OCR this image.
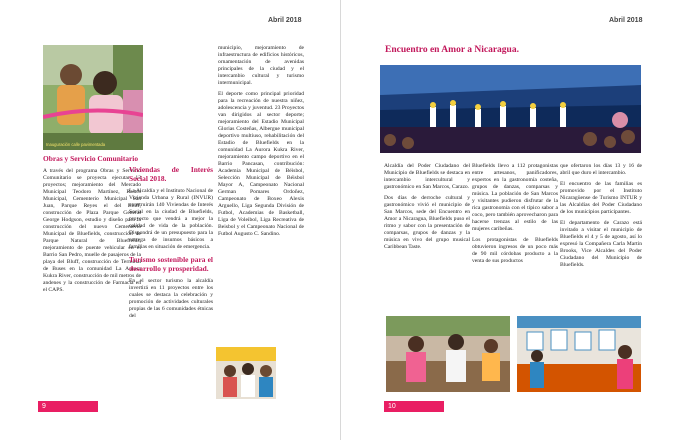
Abril 2018
Inauguración calle pavimentada
Obras y Servicio Comunitario

A través del programa Obras y Servicio Comunitario se proyecta ejecutar 13 proyectos; mejoramiento del Mercado Municipal Teodoro Martínez, Rastro Municipal, Cementerio Municipal San Juan, Parque Reyes el del Bluff, construcción de Plaza Parque General George Hodgson, estudio y diseño para la construcción del nuevo Cementerio Municipal de Bluefields, construcción de Parque Natural de Bluefields, mejoramiento de puente vehicular en el Barrio San Pedro, muelle de pasajeros de la playa del Bluff, construcción de Terminal de Buses en la comunidad La Aurora Kukra River, construcción de mil metros de andenes y la construcción de Farmacia en el CAPS.

Viviendas de Interés Social 2018.

La Alcaldía y el Instituto Nacional de Vivienda Urbana y Rural (INVUR) construirán 140 Viviendas de Interés Social en la ciudad de Bluefields, proyecto que vendrá a mejor la calidad de vida de la población. Dispondrá de un presupuesto para la entrega de insumos básicos a familias en situación de emergencia.

Turismo sostenible para el desarrollo y prosperidad.

En el sector turismo la alcaldía invertirá en 11 proyectos entre los cuales se destaca la celebración y promoción de actividades culturales propias de las 6 comunidades étnicas del

municipio, mejoramiento de infraestructura de edificios históricos, ornamentación de avenidas principales de la ciudad y el intercambio cultural y turismo intermunicipal.

El deporte como principal prioridad para la recreación de nuestra niñez, adolescencia y juventud. 23 Proyectos van dirigidos al sector deporte; mejoramiento del Estadio Municipal Glorias Costeñas, Albergue municipal deportivo multiuso, rehabilitación del Estadio de Bluefields en la comunidad La Aurora Kukra River, mejoramiento campo deportivo en el Barrio Pancasan, contribución: Academia Municipal de Béisbol, Selección Municipal de Béisbol Mayor A, Campeonato Nacional German Pomares Ordoñez, Campeonato de Boxeo Alexis Arguello, Liga Segunda División de Futbol, Academias de Basketball, Liga de Voleibol, Liga Recreativa de Beisbol y el Campeonato Nacional de Futbol Augusto C. Sandino.

9
Abril 2018
Encuentro en Amor a Nicaragua.

Alcaldía del Poder Ciudadano del Municipio de Bluefields se destaca en intercambio intercultural y gastronómico en San Marcos, Carazo.

Dos días de derroche cultural y gastronómico vivió el municipio de San Marcos, sede del Encuentro en Amor a Nicaragua, Bluefields puso el ritmo y sabor con la presentación de comparsas, grupos de danzas y la música en vivo del grupo musical Caribbean Taste.

Bluefields llevo a 112 protagonistas entre artesanos, panificadores, expertos en la gastronomía costeña, grupos de danzas, comparsas y música. La población de San Marcos y visitantes pudieron disfrutar de la rica gastronomía con el típico sabor a coco, pero también aprovecharon para hacerse trenzas al estilo de las mujeres caribeñas.

Los protagonistas de Bluefields obtuvieron ingresos de un poco más de 90 mil córdobas producto a la venta de sus productos

que ofertaron los días 13 y 16 de abril que duro el intercambio.

El encuentro de las familias es promovido por el Instituto Nicaragüense de Turismo INTUR y las Alcaldías del Poder Ciudadano de los municipios participantes.

El departamento de Carazo está invitado a visitar el municipio de Bluefields el 4 y 5 de agosto, así lo expresó la Compañera Carla Martin Brooks, Vice Alcaldes del Poder Ciudadano del Municipio de Bluefields.

10
